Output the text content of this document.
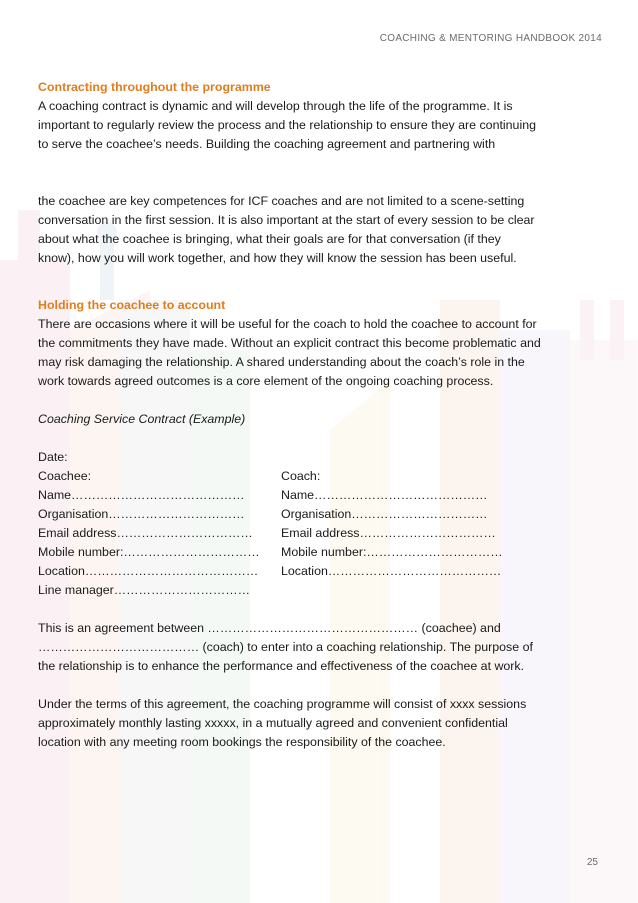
COACHING & MENTORING HANDBOOK 2014

Contracting throughout the programme

A coaching contract is dynamic and will develop through the life of the programme. It is
important to regularly review the process and the relationship to ensure they are continuing
to serve the coachee’s needs. Building the coaching agreement and partnering with

the coachee are key competences for ICF coaches and are not limited to a scene-setting
conversation in the first session. It is also important at the start of every session to be clear
about what the coachee is bringing, what their goals are for that conversation (if they
know), how you will work together, and how they will know the session has been useful.

Holding the coachee to account

There are occasions where it will be useful for the coach to hold the coachee to account for
the commitments they have made. Without an explicit contract this become problematic and
may risk damaging the relationship. A shared understanding about the coach’s role in the
work towards agreed outcomes is a core element of the ongoing coaching process.

Coaching Service Contract (Example)

Date:
Coachee:	Coach:
Name……………………………………	Name……………………………………
Organisation……………………………	Organisation……………………………
Email address……………………………	Email address……………………………
Mobile number:……………………………	Mobile number:……………………………
Location……………………………………	Location……………………………………
Line manager……………………………

This is an agreement between …………………………………………… (coachee) and
………………………………… (coach) to enter into a coaching relationship. The purpose of
the relationship is to enhance the performance and effectiveness of the coachee at work.

Under the terms of this agreement, the coaching programme will consist of xxxx sessions
approximately monthly lasting xxxxx, in a mutually agreed and convenient confidential
location with any meeting room bookings the responsibility of the coachee.

25
